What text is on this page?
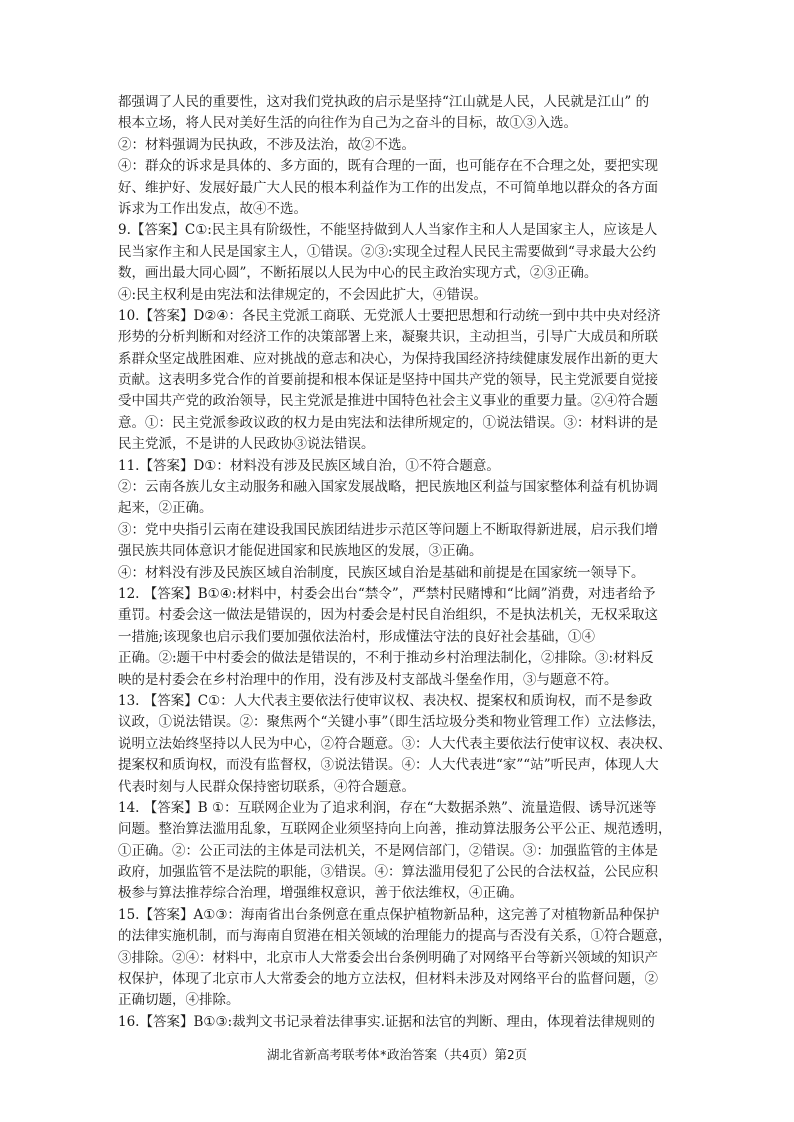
都强调了人民的重要性，这对我们党执政的启示是坚持“江山就是人民，人民就是江山” 的
根本立场，将人民对美好生活的向往作为自己为之奋斗的目标，故①③入选。
②：材料强调为民执政，不涉及法治，故②不选。
④：群众的诉求是具体的、多方面的，既有合理的一面，也可能存在不合理之处，要把实现
好、维护好、发展好最广大人民的根本利益作为工作的出发点，不可简单地以群众的各方面
诉求为工作出发点，故④不选。
9.【答案】C①:民主具有阶级性，不能坚持做到人人当家作主和人人是国家主人，应该是人
民当家作主和人民是国家主人，①错误。②③:实现全过程人民民主需要做到“寻求最大公约
数，画出最大同心圆”，不断拓展以人民为中心的民主政治实现方式，②③正确。
④:民主权利是由宪法和法律规定的，不会因此扩大，④错误。
10.【答案】D②④：各民主党派工商联、无党派人士要把思想和行动统一到中共中央对经济
形势的分析判断和对经济工作的决策部署上来，凝聚共识，主动担当，引导广大成员和所联
系群众坚定战胜困难、应对挑战的意志和决心，为保持我国经济持续健康发展作出新的更大
贡献。这表明多党合作的首要前提和根本保证是坚持中国共产党的领导，民主党派要自觉接
受中国共产党的政治领导，民主党派是推进中国特色社会主义事业的重要力量。②④符合题
意。①：民主党派参政议政的权力是由宪法和法律所规定的，①说法错误。③：材料讲的是
民主党派，不是讲的人民政协③说法错误。
11.【答案】D①：材料没有涉及民族区域自治，①不符合题意。
②：云南各族儿女主动服务和融入国家发展战略，把民族地区利益与国家整体利益有机协调
起来，②正确。
③：党中央指引云南在建设我国民族团结进步示范区等问题上不断取得新进展，启示我们增
强民族共同体意识才能促进国家和民族地区的发展，③正确。
④：材料没有涉及民族区域自治制度，民族区域自治是基础和前提是在国家统一领导下。
12. 【答案】B①④:材料中，村委会出台“禁令”，严禁村民赌博和“比阔”消费，对违者给予
重罚。村委会这一做法是错误的，因为村委会是村民自治组织，不是执法机关，无权采取这
一措施;该现象也启示我们要加强依法治村，形成懂法守法的良好社会基础，①④
正确。②:题干中村委会的做法是错误的，不利于推动乡村治理法制化，②排除。③:材料反
映的是村委会在乡村治理中的作用，没有涉及村支部战斗堡垒作用，③与题意不符。
13. 【答案】C①：人大代表主要依法行使审议权、表决权、提案权和质询权，而不是参政
议政，①说法错误。②：聚焦两个“关键小事”（即生活垃圾分类和物业管理工作）立法修法，
说明立法始终坚持以人民为中心，②符合题意。③：人大代表主要依法行使审议权、表决权、
提案权和质询权，而没有监督权，③说法错误。④：人大代表进“家”“站”听民声，体现人大
代表时刻与人民群众保持密切联系，④符合题意。
14. 【答案】B ①：互联网企业为了追求利润，存在“大数据杀熟”、流量造假、诱导沉迷等
问题。整治算法滥用乱象，互联网企业须坚持向上向善，推动算法服务公平公正、规范透明，
①正确。②：公正司法的主体是司法机关，不是网信部门，②错误。③：加强监管的主体是
政府，加强监管不是法院的职能，③错误。④：算法滥用侵犯了公民的合法权益，公民应积
极参与算法推荐综合治理，增强维权意识，善于依法维权，④正确。
15.【答案】A①③：海南省出台条例意在重点保护植物新品种，这完善了对植物新品种保护
的法律实施机制，而与海南自贸港在相关领域的治理能力的提高与否没有关系，①符合题意，
③排除。②④：材料中，北京市人大常委会出台条例明确了对网络平台等新兴领域的知识产
权保护，体现了北京市人大常委会的地方立法权，但材料未涉及对网络平台的监督问题，②
正确切题，④排除。
16.【答案】B①③:裁判文书记录着法律事实.证据和法官的判断、理由，体现着法律规则的
湖北省新高考联考体*政治答案（共4页）第2页
